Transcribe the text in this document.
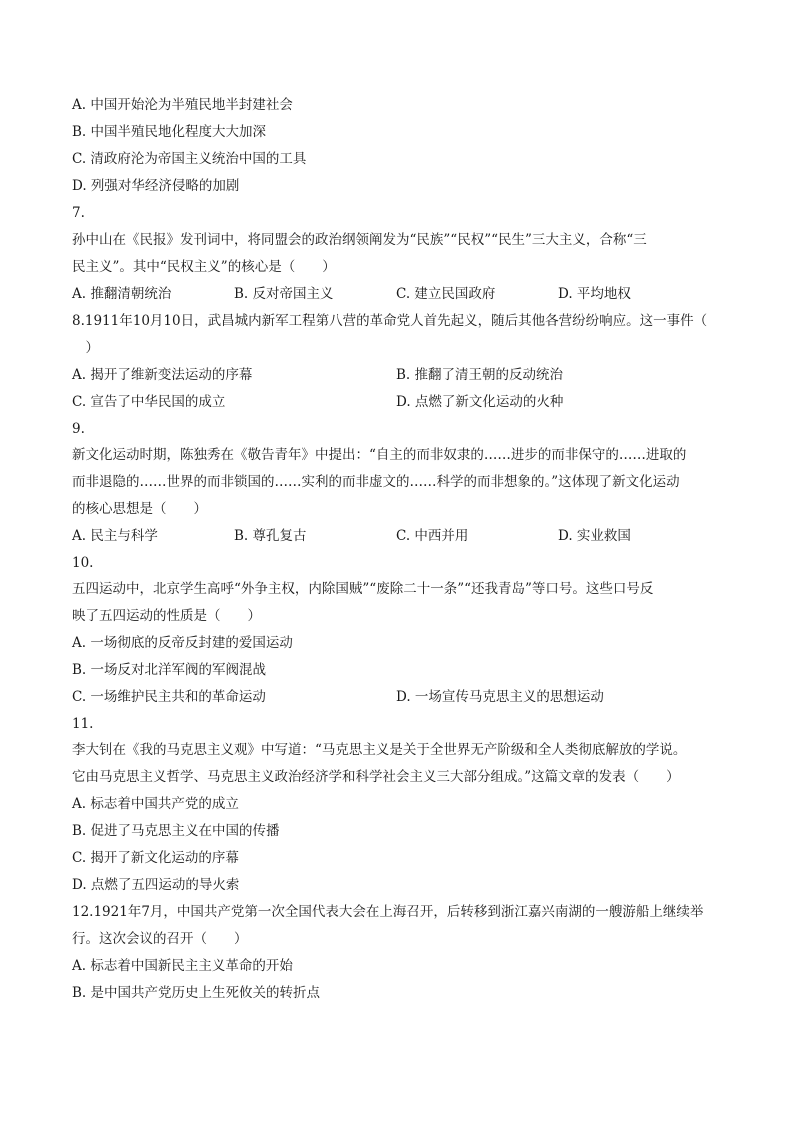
A. 中国开始沦为半殖民地半封建社会
B. 中国半殖民地化程度大大加深
C. 清政府沦为帝国主义统治中国的工具
D. 列强对华经济侵略的加剧
7.
孙中山在《民报》发刊词中，将同盟会的政治纲领阐发为“民族”“民权”“民生”三大主义，合称“三
民主义”。其中“民权主义”的核心是（　　）
A. 推翻清朝统治	B. 反对帝国主义	C. 建立民国政府	D. 平均地权
8.1911年10月10日，武昌城内新军工程第八营的革命党人首先起义，随后其他各营纷纷响应。这一事件（
　）
A. 揭开了维新变法运动的序幕	B. 推翻了清王朝的反动统治
C. 宣告了中华民国的成立	D. 点燃了新文化运动的火种
9.
新文化运动时期，陈独秀在《敬告青年》中提出：“自主的而非奴隶的……进步的而非保守的……进取的
而非退隐的……世界的而非锁国的……实利的而非虚文的……科学的而非想象的。”这体现了新文化运动
的核心思想是（　　）
A. 民主与科学	B. 尊孔复古	C. 中西并用	D. 实业救国
10.
五四运动中，北京学生高呼“外争主权，内除国贼”“废除二十一条”“还我青岛”等口号。这些口号反
映了五四运动的性质是（　　）
A. 一场彻底的反帝反封建的爱国运动
B. 一场反对北洋军阀的军阀混战
C. 一场维护民主共和的革命运动	D. 一场宣传马克思主义的思想运动
11.
李大钊在《我的马克思主义观》中写道：“马克思主义是关于全世界无产阶级和全人类彻底解放的学说。
它由马克思主义哲学、马克思主义政治经济学和科学社会主义三大部分组成。”这篇文章的发表（　　）
A. 标志着中国共产党的成立
B. 促进了马克思主义在中国的传播
C. 揭开了新文化运动的序幕
D. 点燃了五四运动的导火索
12.1921年7月，中国共产党第一次全国代表大会在上海召开，后转移到浙江嘉兴南湖的一艘游船上继续举
行。这次会议的召开（　　）
A. 标志着中国新民主主义革命的开始
B. 是中国共产党历史上生死攸关的转折点
